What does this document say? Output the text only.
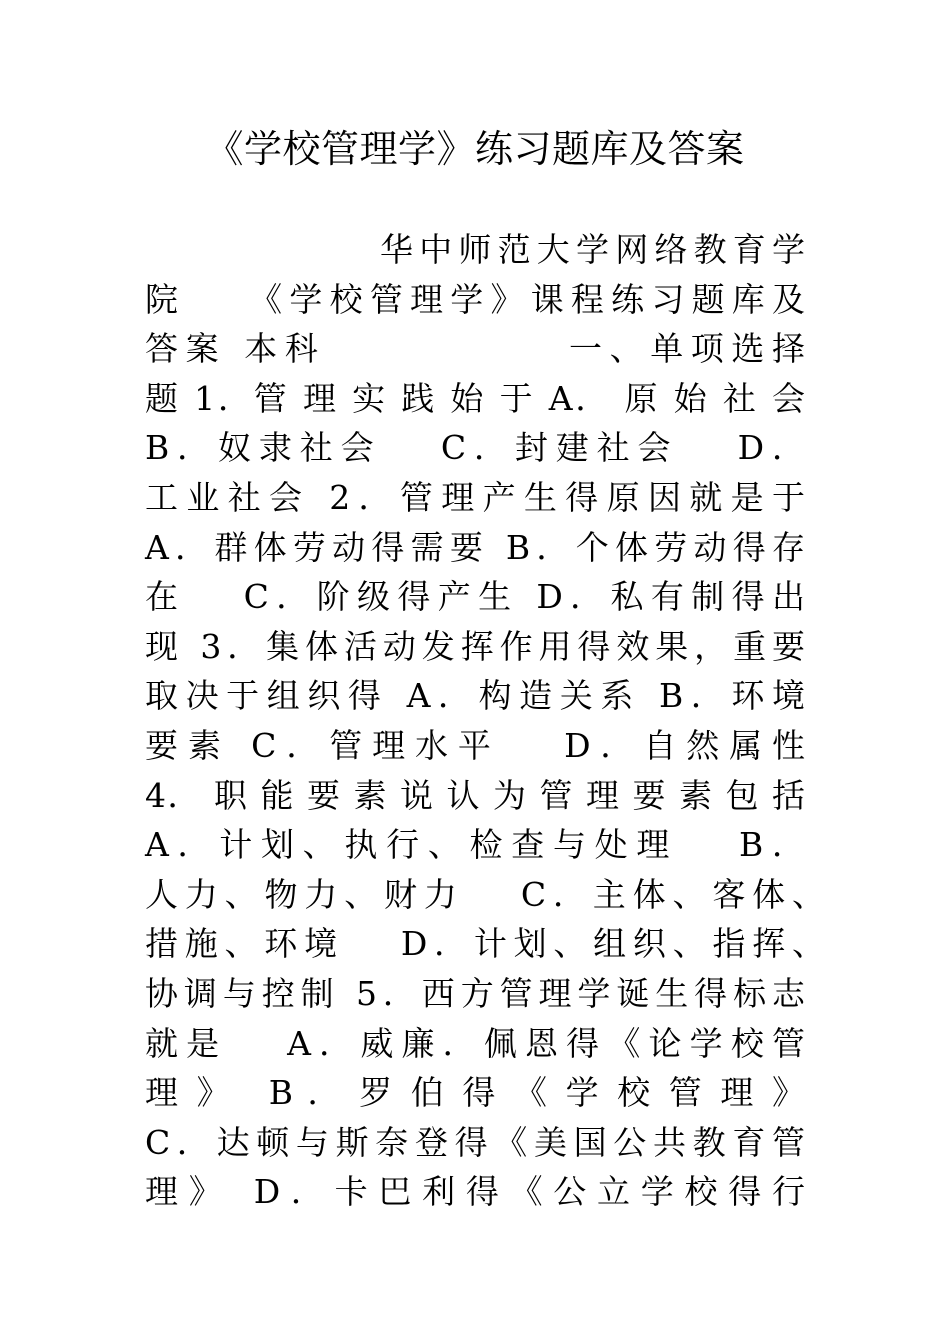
《学校管理学》练习题库及答案
华中师范大学网络教育学
院　　《学校管理学》课程练习题库及
答案 本科　　　　　　一、单项选择
题 1．管 理 实 践 始 于 A． 原 始 社 会
B．奴隶社会　 C．封建社会　 D．
工业社会 2．管理产生得原因就是于
A．群体劳动得需要 B．个体劳动得存
在　 C．阶级得产生 D．私有制得出
现 3．集体活动发挥作用得效果，重要
取决于组织得 A．构造关系 B．环境
要素 C．管理水平　 D．自然属性
4． 职 能 要 素 说 认 为 管 理 要 素 包 括
A．计划、执行、检查与处理　 B．
人力、物力、财力　 C．主体、客体、
措施、环境　 D．计划、组织、指挥、
协调与控制 5．西方管理学诞生得标志
就是　 A．威廉．佩恩得《论学校管
理 》　 B ． 罗 伯 得 《 学 校 管 理 》
C．达顿与斯奈登得《美国公共教育管
理》 D．卡巴利得《公立学校得行
